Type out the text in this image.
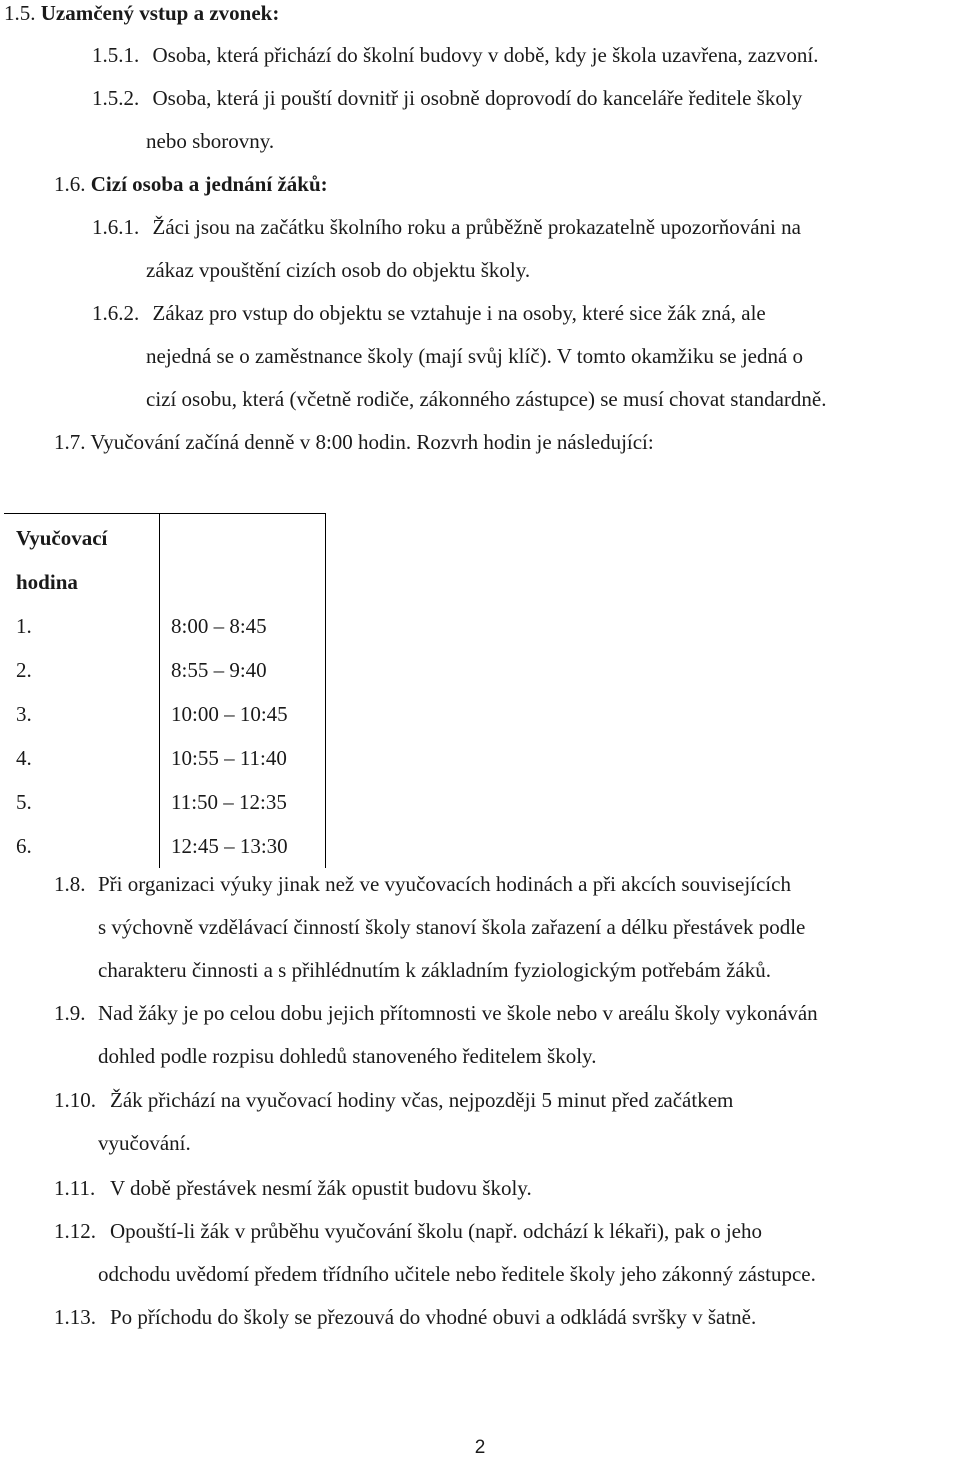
1.5. Uzamčený vstup a zvonek:
1.5.1. Osoba, která přichází do školní budovy v době, kdy je škola uzavřena, zazvoní.
1.5.2. Osoba, která ji pouští dovnitř ji osobně doprovodí do kanceláře ředitele školy
nebo sborovny.
1.6. Cizí osoba a jednání žáků:
1.6.1. Žáci jsou na začátku školního roku a průběžně prokazatelně upozorňováni na
zákaz vpouštění cizích osob do objektu školy.
1.6.2. Zákaz pro vstup do objektu se vztahuje i na osoby, které sice žák zná, ale
nejedná se o zaměstnance školy (mají svůj klíč). V tomto okamžiku se jedná o
cizí osobu, která (včetně rodiče, zákonného zástupce) se musí chovat standardně.
1.7. Vyučování začíná denně v 8:00 hodin. Rozvrh hodin je následující:
Vyučovací
hodina	

1.	8:00 – 8:45
2.	8:55 – 9:40
3.	10:00 – 10:45
4.	10:55 – 11:40
5.	11:50 – 12:35
6.	12:45 – 13:30
1.8. Při organizaci výuky jinak než ve vyučovacích hodinách a při akcích souvisejících
s výchovně vzdělávací činností školy stanoví škola zařazení a délku přestávek podle
charakteru činnosti a s přihlédnutím k základním fyziologickým potřebám žáků.
1.9. Nad žáky je po celou dobu jejich přítomnosti ve škole nebo v areálu školy vykonáván
dohled podle rozpisu dohledů stanoveného ředitelem školy.
1.10. Žák přichází na vyučovací hodiny včas, nejpozději 5 minut před začátkem
vyučování.
1.11. V době přestávek nesmí žák opustit budovu školy.
1.12. Opouští-li žák v průběhu vyučování školu (např. odchází k lékaři), pak o jeho
odchodu uvědomí předem třídního učitele nebo ředitele školy jeho zákonný zástupce.
1.13. Po příchodu do školy se přezouvá do vhodné obuvi a odkládá svršky v šatně.
2
